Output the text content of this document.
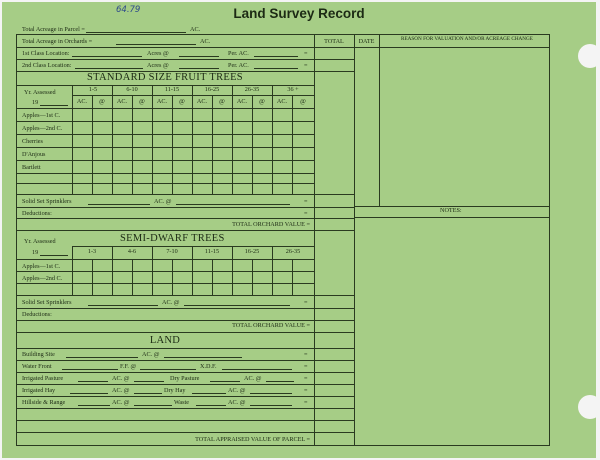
Land Survey Record
Total Acreage in Parcel =
64.79
AC.
Total Acreage in Orchards =	AC.	TOTAL	DATE	REASON FOR VALUATION AND/OR ACREAGE CHANGE
1st Class Location:	Acres @	Per. AC.	=
2nd Class Location:	Acres @	Per. AC.	=
STANDARD SIZE FRUIT TREES
Yr. Assessed	1-5	6-10	11-15	16-25	26-35	36 +
19	AC.	@	AC.	@	AC.	@	AC.	@	AC.	@	AC.	@
Apples—1st C.
Apples—2nd C.
Cherries
D'Anjous
Bartlett
Solid Set Sprinklers	AC. @	=
Deductions:	=
TOTAL ORCHARD VALUE =
NOTES:
Yr. Assessed	SEMI-DWARF TREES
19	1-3	4-6	7-10	11-15	16-25	26-35
Apples—1st C.
Apples—2nd C.
Solid Set Sprinklers	AC. @	=
Deductions:
TOTAL ORCHARD VALUE =
LAND
Building Site	AC. @	=
Water Front	F.F. @	X.D.F.	=
Irrigated Pasture	AC. @	Dry Pasture	AC. @	=
Irrigated Hay	AC. @	Dry Hay	AC. @	=
Hillside & Range	AC. @	Waste	AC. @	=
TOTAL APPRAISED VALUE OF PARCEL =
